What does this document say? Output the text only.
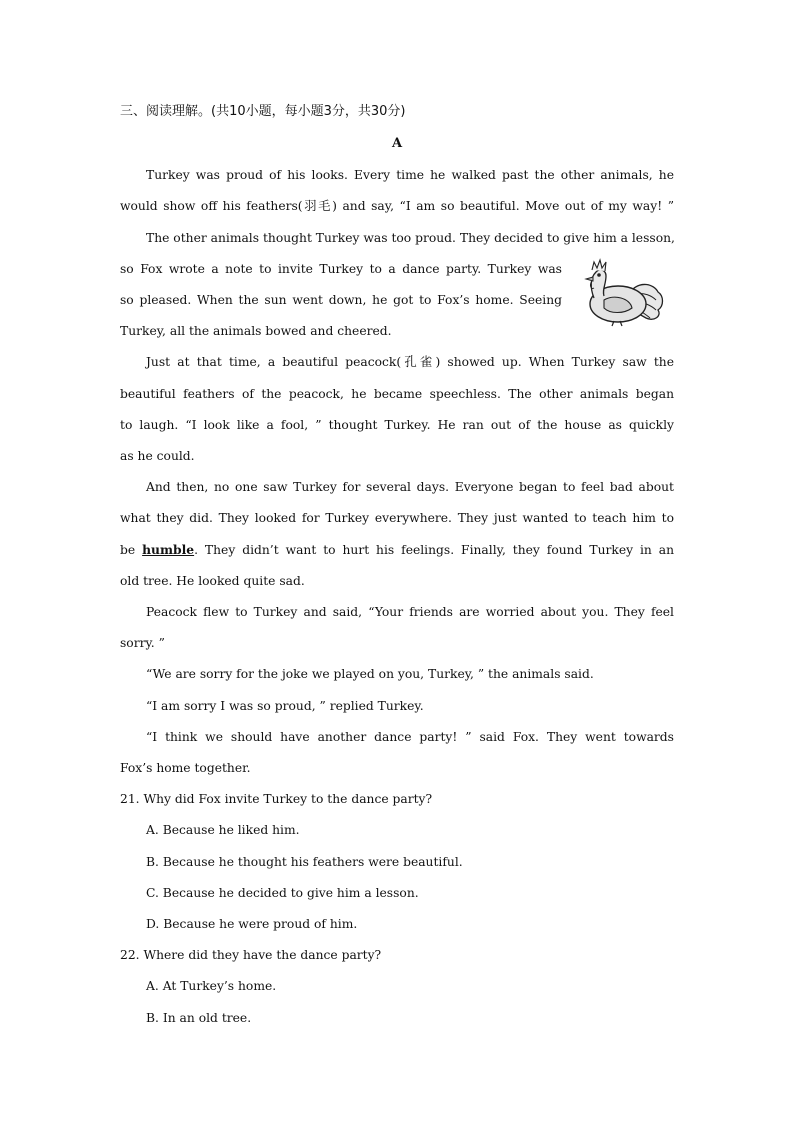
三、阅读理解。(共10小题，每小题3分，共30分)
A
Turkey was proud of his looks. Every time he walked past the other animals, he
would show off his feathers(羽毛) and say, “I am so beautiful. Move out of my way! ”
The other animals thought Turkey was too proud. They decided to give him a lesson,
so Fox wrote a note to invite Turkey to a dance party. Turkey was
so pleased. When the sun went down, he got to Fox’s home. Seeing
Turkey, all the animals bowed and cheered.
Just at that time, a beautiful peacock(孔雀) showed up. When Turkey saw the
beautiful feathers of the peacock, he became speechless. The other animals began
to laugh. “I look like a fool, ” thought Turkey. He ran out of the house as quickly
as he could.
And then, no one saw Turkey for several days. Everyone began to feel bad about
what they did. They looked for Turkey everywhere. They just wanted to teach him to
be humble. They didn’t want to hurt his feelings. Finally, they found Turkey in an
old tree. He looked quite sad.
Peacock flew to Turkey and said, “Your friends are worried about you. They feel
sorry. ”
“We are sorry for the joke we played on you, Turkey, ” the animals said.
“I am sorry I was so proud, ” replied Turkey.
“I think we should have another dance party! ” said Fox. They went towards
Fox’s home together.
21. Why did Fox invite Turkey to the dance party?
A. Because he liked him.
B. Because he thought his feathers were beautiful.
C. Because he decided to give him a lesson.
D. Because he were proud of him.
22. Where did they have the dance party?
A. At Turkey’s home.
B. In an old tree.
